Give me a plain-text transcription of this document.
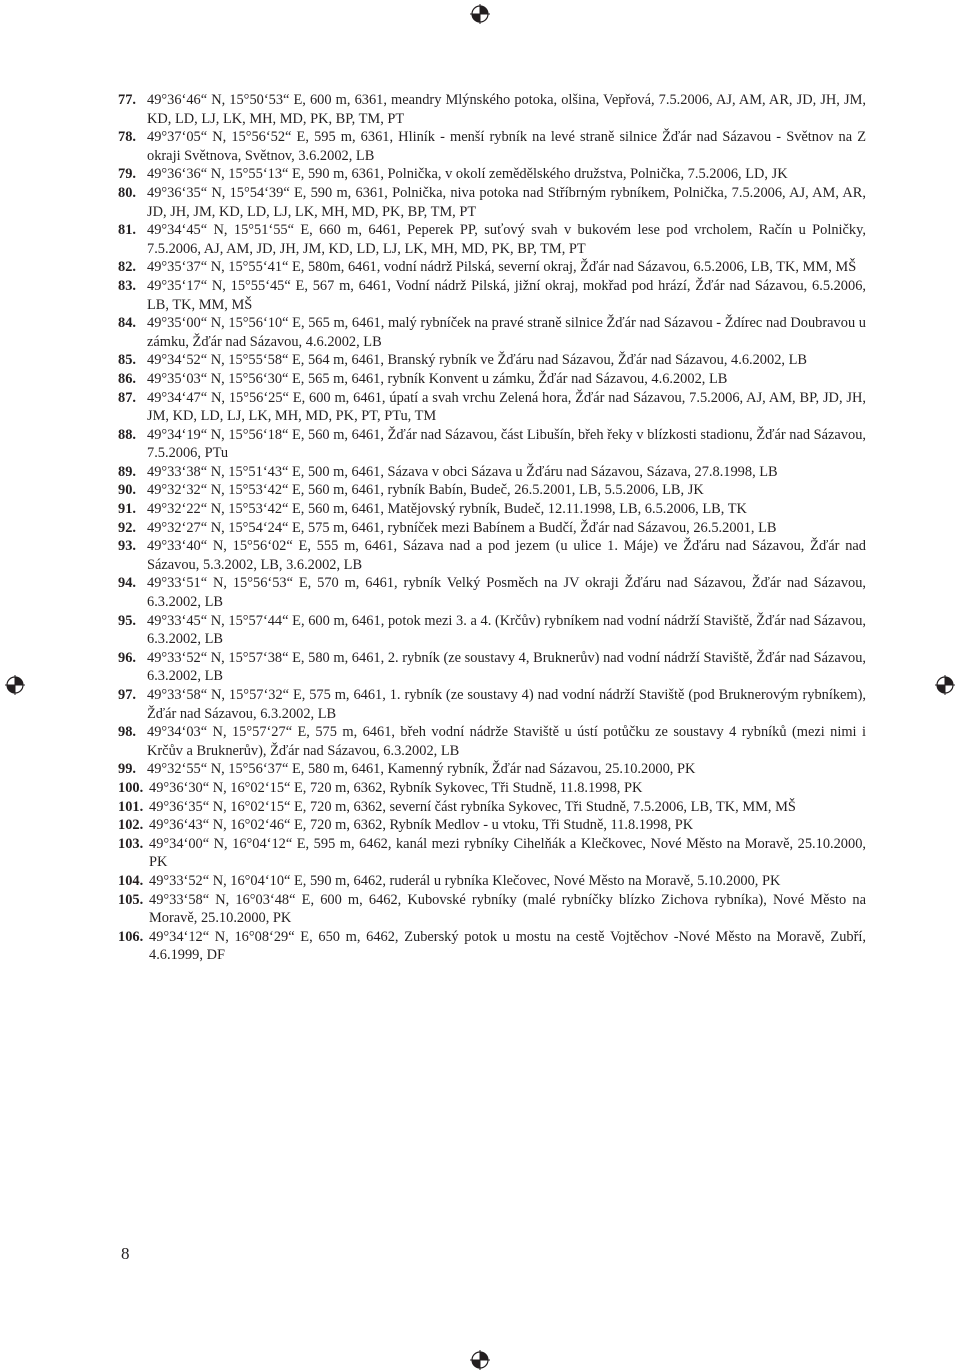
77. 49°36‘46“ N, 15°50‘53“ E, 600 m, 6361, meandry Mlýnského potoka, olšina, Vepřová, 7.5.2006, AJ, AM, AR, JD, JH, JM, KD, LD, LJ, LK, MH, MD, PK, BP, TM, PT
78. 49°37‘05“ N, 15°56‘52“ E, 595 m, 6361, Hliník - menší rybník na levé straně silnice Žďár nad Sázavou - Světnov na Z okraji Světnova, Světnov, 3.6.2002, LB
79. 49°36‘36“ N, 15°55‘13“ E, 590 m, 6361, Polnička, v okolí zemědělského družstva, Polnička, 7.5.2006, LD, JK
80. 49°36‘35“ N, 15°54‘39“ E, 590 m, 6361, Polnička, niva potoka nad Stříbrným rybníkem, Polnička, 7.5.2006, AJ, AM, AR, JD, JH, JM, KD, LD, LJ, LK, MH, MD, PK, BP, TM, PT
81. 49°34‘45“ N, 15°51‘55“ E, 660 m, 6461, Peperek PP, suťový svah v bukovém lese pod vrcholem, Račín u Polničky, 7.5.2006, AJ, AM, JD, JH, JM, KD, LD, LJ, LK, MH, MD, PK, BP, TM, PT
82. 49°35‘37“ N, 15°55‘41“ E, 580m, 6461, vodní nádrž Pilská, severní okraj, Žďár nad Sázavou, 6.5.2006, LB, TK, MM, MŠ
83. 49°35‘17“ N, 15°55‘45“ E, 567 m, 6461, Vodní nádrž Pilská, jižní okraj, mokřad pod hrází, Žďár nad Sázavou, 6.5.2006, LB, TK, MM, MŠ
84. 49°35‘00“ N, 15°56‘10“ E, 565 m, 6461, malý rybníček na pravé straně silnice Žďár nad Sázavou - Ždírec nad Doubravou u zámku, Žďár nad Sázavou, 4.6.2002, LB
85. 49°34‘52“ N, 15°55‘58“ E, 564 m, 6461, Branský rybník ve Žďáru nad Sázavou, Žďár nad Sázavou, 4.6.2002, LB
86. 49°35‘03“ N, 15°56‘30“ E, 565 m, 6461, rybník Konvent u zámku, Žďár nad Sázavou, 4.6.2002, LB
87. 49°34‘47“ N, 15°56‘25“ E, 600 m, 6461, úpatí a svah vrchu Zelená hora, Žďár nad Sázavou, 7.5.2006, AJ, AM, BP, JD, JH, JM, KD, LD, LJ, LK, MH, MD, PK, PT, PTu, TM
88. 49°34‘19“ N, 15°56‘18“ E, 560 m, 6461, Žďár nad Sázavou, část Libušín, břeh řeky v blízkosti stadionu, Žďár nad Sázavou, 7.5.2006, PTu
89. 49°33‘38“ N, 15°51‘43“ E, 500 m, 6461, Sázava v obci Sázava u Žďáru nad Sázavou, Sázava, 27.8.1998, LB
90. 49°32‘32“ N, 15°53‘42“ E, 560 m, 6461, rybník Babín, Budeč, 26.5.2001, LB, 5.5.2006, LB, JK
91. 49°32‘22“ N, 15°53‘42“ E, 560 m, 6461, Matějovský rybník, Budeč, 12.11.1998, LB, 6.5.2006, LB, TK
92. 49°32‘27“ N, 15°54‘24“ E, 575 m, 6461, rybníček mezi Babínem a Budčí, Žďár nad Sázavou, 26.5.2001, LB
93. 49°33‘40“ N, 15°56‘02“ E, 555 m, 6461, Sázava nad a pod jezem (u ulice 1. Máje) ve Žďáru nad Sázavou, Žďár nad Sázavou, 5.3.2002, LB, 3.6.2002, LB
94. 49°33‘51“ N, 15°56‘53“ E, 570 m, 6461, rybník Velký Posměch na JV okraji Žďáru nad Sázavou, Žďár nad Sázavou, 6.3.2002, LB
95. 49°33‘45“ N, 15°57‘44“ E, 600 m, 6461, potok mezi 3. a 4. (Krčův) rybníkem nad vodní nádrží Staviště, Žďár nad Sázavou, 6.3.2002, LB
96. 49°33‘52“ N, 15°57‘38“ E, 580 m, 6461, 2. rybník (ze soustavy 4, Bruknerův) nad vodní nádrží Staviště, Žďár nad Sázavou, 6.3.2002, LB
97. 49°33‘58“ N, 15°57‘32“ E, 575 m, 6461, 1. rybník (ze soustavy 4) nad vodní nádrží Staviště (pod Bruknerovým rybníkem), Žďár nad Sázavou, 6.3.2002, LB
98. 49°34‘03“ N, 15°57‘27“ E, 575 m, 6461, břeh vodní nádrže Staviště u ústí potůčku ze soustavy 4 rybníků (mezi nimi i Krčův a Bruknerův), Žďár nad Sázavou, 6.3.2002, LB
99. 49°32‘55“ N, 15°56‘37“ E, 580 m, 6461, Kamenný rybník, Žďár nad Sázavou, 25.10.2000, PK
100. 49°36‘30“ N, 16°02‘15“ E, 720 m, 6362, Rybník Sykovec, Tři Studně, 11.8.1998, PK
101. 49°36‘35“ N, 16°02‘15“ E, 720 m, 6362, severní část rybníka Sykovec, Tři Studně, 7.5.2006, LB, TK, MM, MŠ
102. 49°36‘43“ N, 16°02‘46“ E, 720 m, 6362, Rybník Medlov - u vtoku, Tři Studně, 11.8.1998, PK
103. 49°34‘00“ N, 16°04‘12“ E, 595 m, 6462, kanál mezi rybníky Cihelňák a Klečkovec, Nové Město na Moravě, 25.10.2000, PK
104. 49°33‘52“ N, 16°04‘10“ E, 590 m, 6462, ruderál u rybníka Klečovec, Nové Město na Moravě, 5.10.2000, PK
105. 49°33‘58“ N, 16°03‘48“ E, 600 m, 6462, Kubovské rybníky (malé rybníčky blízko Zichova rybníka), Nové Město na Moravě, 25.10.2000, PK
106. 49°34‘12“ N, 16°08‘29“ E, 650 m, 6462, Zuberský potok u mostu na cestě Vojtěchov -Nové Město na Moravě, Zubří, 4.6.1999, DF
8
